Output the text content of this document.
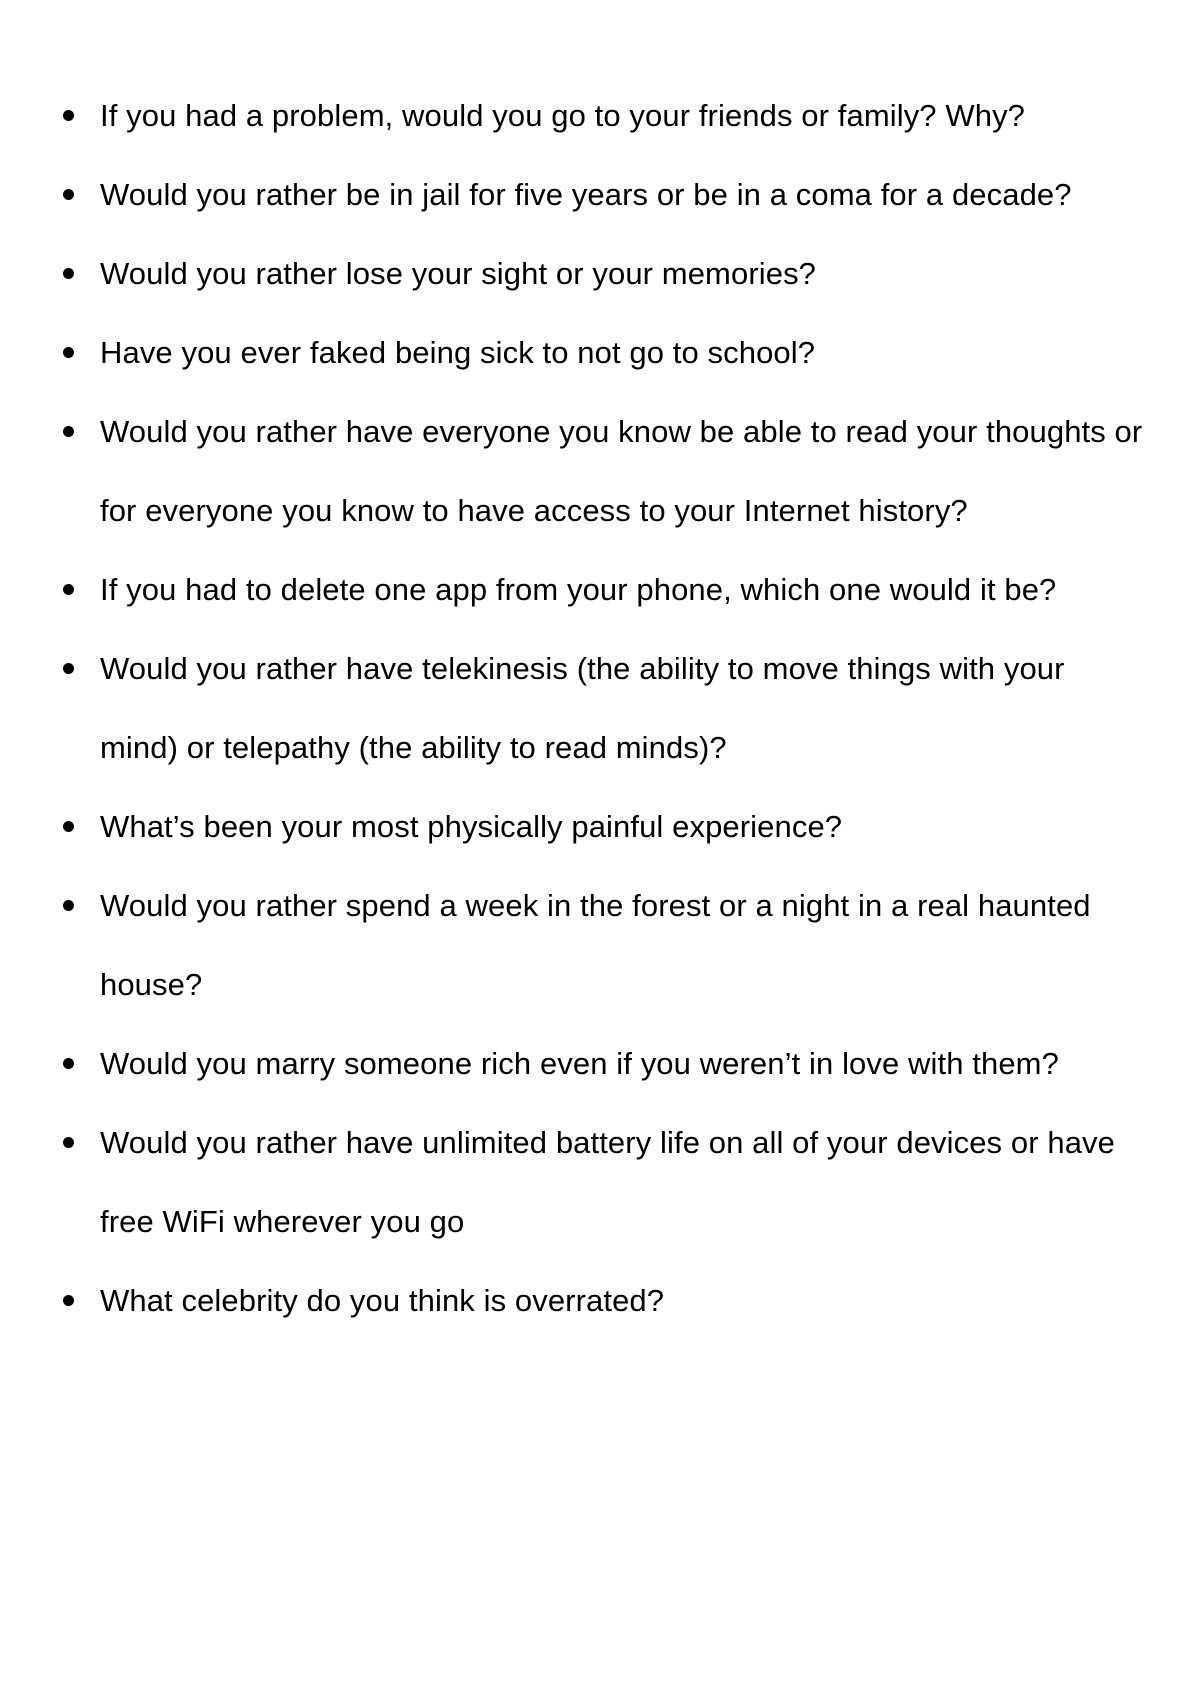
If you had a problem, would you go to your friends or family? Why?
Would you rather be in jail for five years or be in a coma for a decade?
Would you rather lose your sight or your memories?
Have you ever faked being sick to not go to school?
Would you rather have everyone you know be able to read your thoughts or for everyone you know to have access to your Internet history?
If you had to delete one app from your phone, which one would it be?
Would you rather have telekinesis (the ability to move things with your mind) or telepathy (the ability to read minds)?
What’s been your most physically painful experience?
Would you rather spend a week in the forest or a night in a real haunted house?
Would you marry someone rich even if you weren’t in love with them?
Would you rather have unlimited battery life on all of your devices or have free WiFi wherever you go
What celebrity do you think is overrated?
